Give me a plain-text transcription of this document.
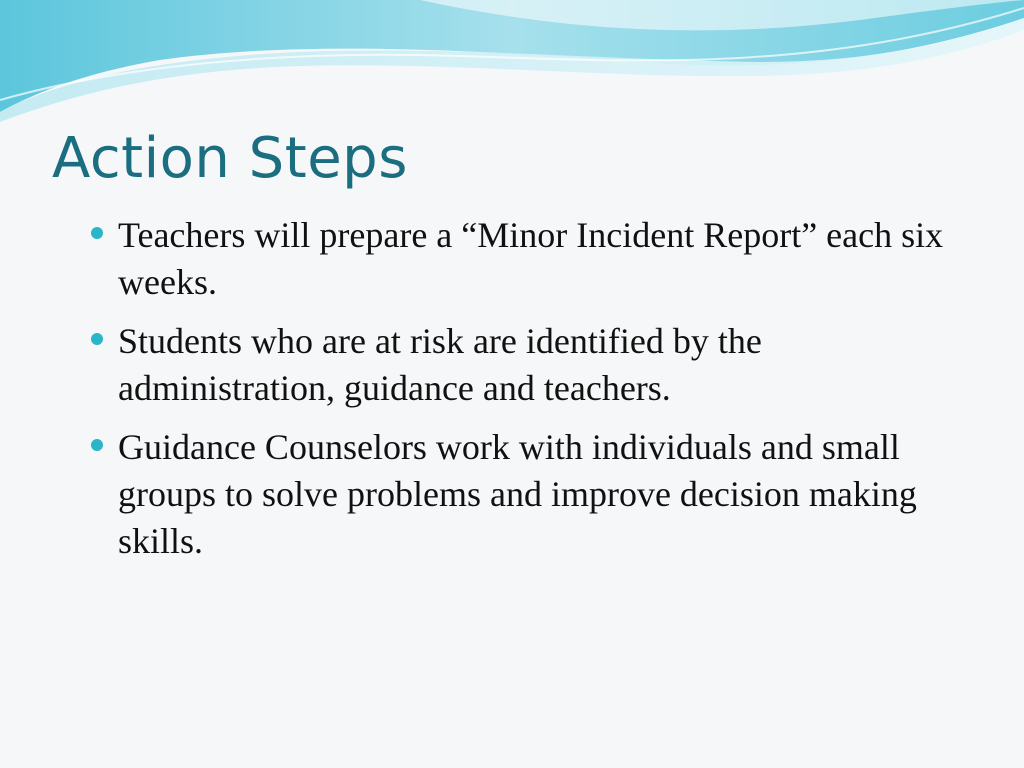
Action Steps
Teachers will prepare a “Minor Incident Report” each six weeks.
Students who are at risk are identified by the administration, guidance and teachers.
Guidance Counselors work with individuals and small groups to solve problems and improve decision making skills.
